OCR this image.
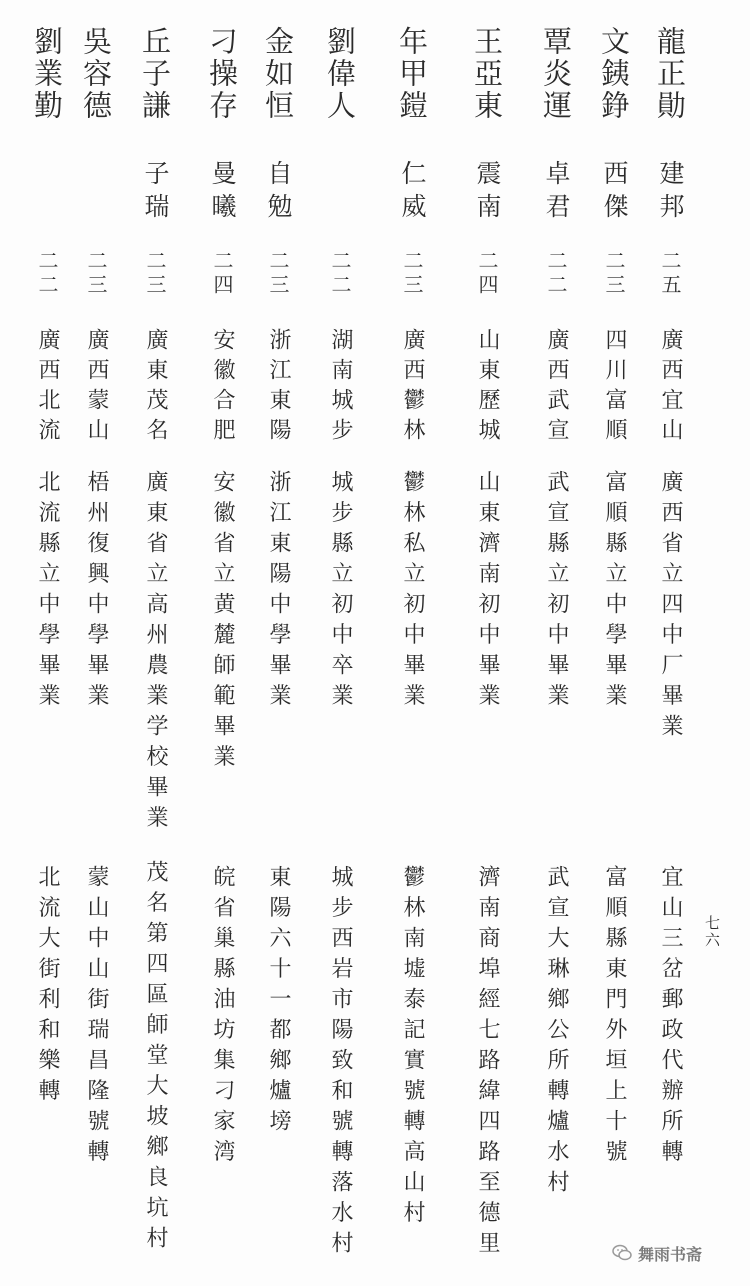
龍正勛
建邦
二五
廣西宜山
廣西省立四中厂畢業
宜山三岔郵政代辦所轉
文銕錚
西傑
二三
四川富順
富順縣立中學畢業
富順縣東門外垣上十號
覃炎運
卓君
二二
廣西武宣
武宣縣立初中畢業
武宣大琳鄉公所轉爐水村
王亞東
震南
二四
山東歷城
山東濟南初中畢業
濟南商埠經七路緯四路至德里
年甲鎧
仁威
二三
廣西鬱林
鬱林私立初中畢業
鬱林南墟泰記實號轉高山村
劉偉人
二二
湖南城步
城步縣立初中卒業
城步西岩市陽致和號轉落水村
金如恒
自勉
二三
浙江東陽
浙江東陽中學畢業
東陽六十一都鄉爐塝
刁操存
曼曦
二四
安徽合肥
安徽省立黄麓師範畢業
皖省巢縣油坊集刁家湾
丘子謙
子瑞
二三
廣東茂名
廣東省立高州農業学校畢業
茂名第四區師堂大坡鄉良坑村
吳容德
二三
廣西蒙山
梧州復興中學畢業
蒙山中山街瑞昌隆號轉
劉業勤
二二
廣西北流
北流縣立中學畢業
北流大街利和樂轉	七六
舞雨书斋
